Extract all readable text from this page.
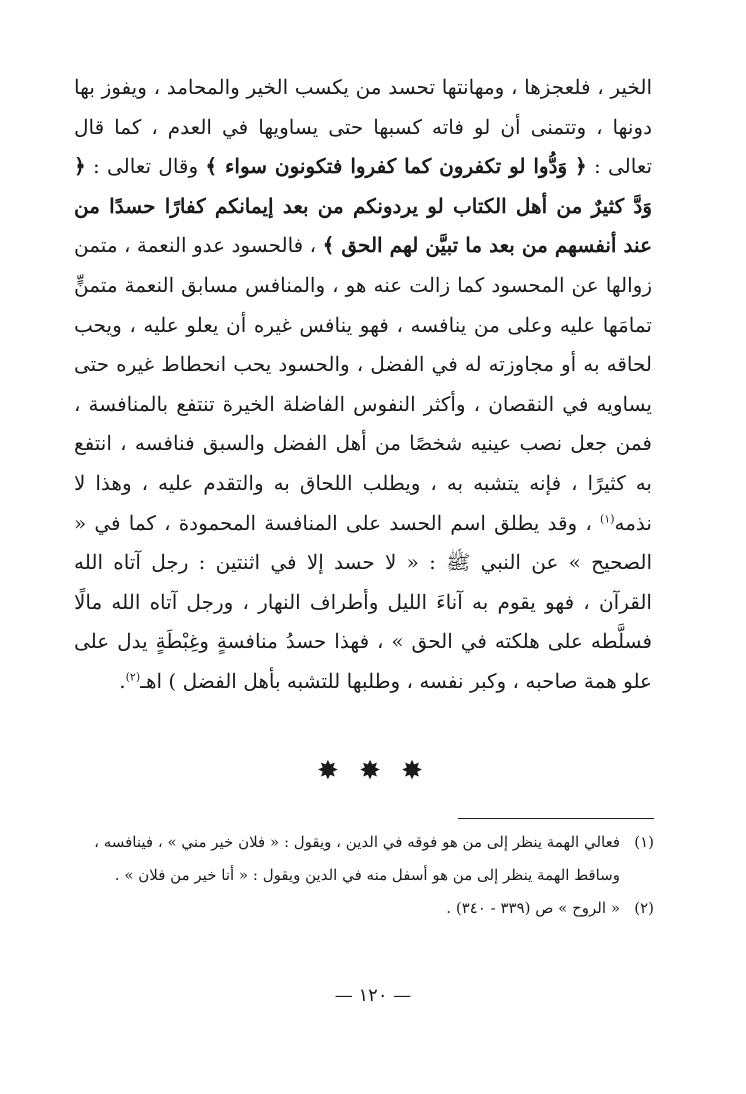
الخير ، فلعجزها ، ومهانتها تحسد من يكسب الخير والمحامد ، ويفوز بها دونها ، وتتمنى أن لو فاته كسبها حتى يساويها في العدم ، كما قال تعالى : ﴿ وَدُّوا لو تكفرون كما كفروا فتكونون سواء ﴾ وقال تعالى : ﴿ وَدَّ كثيرٌ من أهل الكتاب لو يردونكم من بعد إيمانكم كفارًا حسدًا من عند أنفسهم من بعد ما تبيَّن لهم الحق ﴾ ، فالحسود عدو النعمة ، متمن زوالها عن المحسود كما زالت عنه هو ، والمنافس مسابق النعمة متمنٍّ تمامَها عليه وعلى من ينافسه ، فهو ينافس غيره أن يعلو عليه ، ويحب لحاقه به أو مجاوزته له في الفضل ، والحسود يحب انحطاط غيره حتى يساويه في النقصان ، وأكثر النفوس الفاضلة الخيرة تنتفع بالمنافسة ، فمن جعل نصب عينيه شخصًا من أهل الفضل والسبق فنافسه ، انتفع به كثيرًا ، فإنه يتشبه به ، ويطلب اللحاق به والتقدم عليه ، وهذا لا نذمه$^{(١)}$ ، وقد يطلق اسم الحسد على المنافسة المحمودة ، كما في « الصحيح » عن النبي ﷺ : « لا حسد إلا في اثنتين : رجل آتاه الله القرآن ، فهو يقوم به آناءَ الليل وأطراف النهار ، ورجل آتاه الله مالًا فسلَّطه على هلكته في الحق » ، فهذا حسدُ منافسةٍ وغِبْطَةٍ يدل على علو همة صاحبه ، وكبر نفسه ، وطلبها للتشبه بأهل الفضل ) اهـ$^{(٢)}$.

✸ ✸ ✸
(١)
فعالي الهمة ينظر إلى من هو فوقه في الدين ، ويقول : « فلان خير مني » ، فينافسه ، وساقط الهمة ينظر إلى من هو أسفل منه في الدين ويقول : « أنا خير من فلان » .
(٢)
« الروح » ص (٣٣٩ - ٣٤٠) .
— ١٢٠ —
